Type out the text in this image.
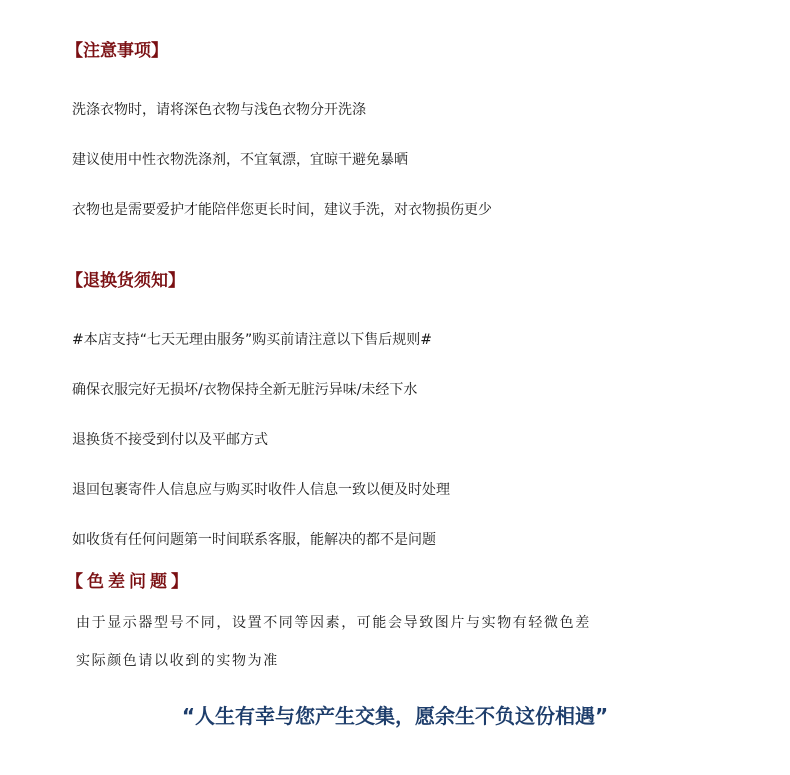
【注意事项】
洗涤衣物时，请将深色衣物与浅色衣物分开洗涤
建议使用中性衣物洗涤剂，不宜氧漂，宜晾干避免暴晒
衣物也是需要爱护才能陪伴您更长时间，建议手洗，对衣物损伤更少
【退换货须知】
#本店支持“七天无理由服务”购买前请注意以下售后规则#
确保衣服完好无损坏/衣物保持全新无脏污异味/未经下水
退换货不接受到付以及平邮方式
退回包裹寄件人信息应与购买时收件人信息一致以便及时处理
如收货有任何问题第一时间联系客服，能解决的都不是问题
【色差问题】
由于显示器型号不同，设置不同等因素，可能会导致图片与实物有轻微色差
实际颜色请以收到的实物为准
“人生有幸与您产生交集，愿余生不负这份相遇”
